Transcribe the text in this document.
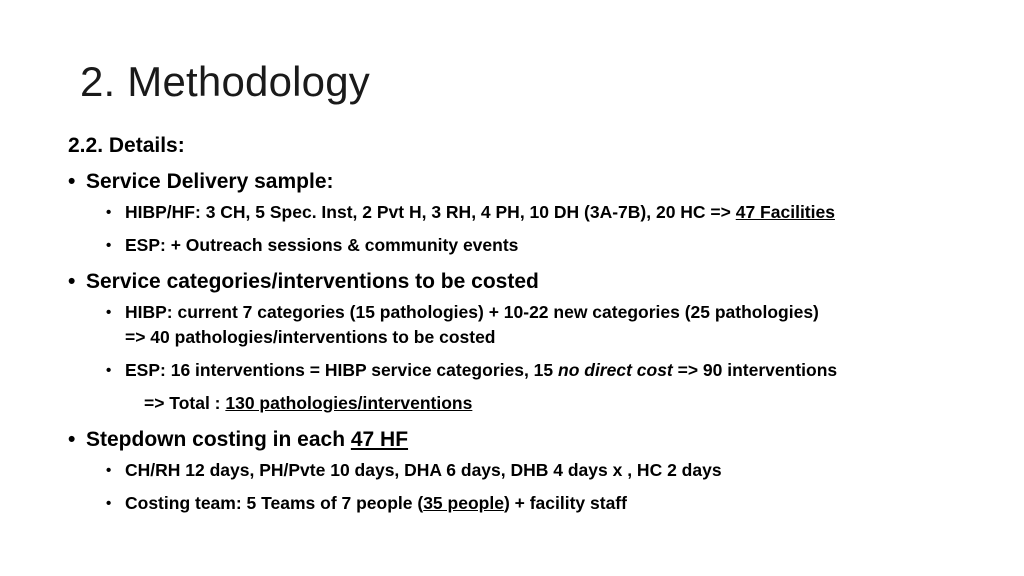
2. Methodology
2.2. Details:
• Service Delivery sample:
• HIBP/HF: 3 CH, 5 Spec. Inst, 2 Pvt H, 3 RH, 4 PH, 10 DH (3A-7B), 20 HC => 47 Facilities
• ESP: + Outreach sessions & community events
• Service categories/interventions to be costed
• HIBP: current 7 categories (15 pathologies) + 10-22 new categories (25 pathologies)
=> 40 pathologies/interventions to be costed
• ESP: 16 interventions = HIBP service categories, 15 no direct cost => 90 interventions
=> Total : 130 pathologies/interventions
• Stepdown costing in each 47 HF
• CH/RH 12 days, PH/Pvte 10 days, DHA 6 days, DHB 4 days x , HC 2 days
• Costing team: 5 Teams of 7 people (35 people) + facility staff
